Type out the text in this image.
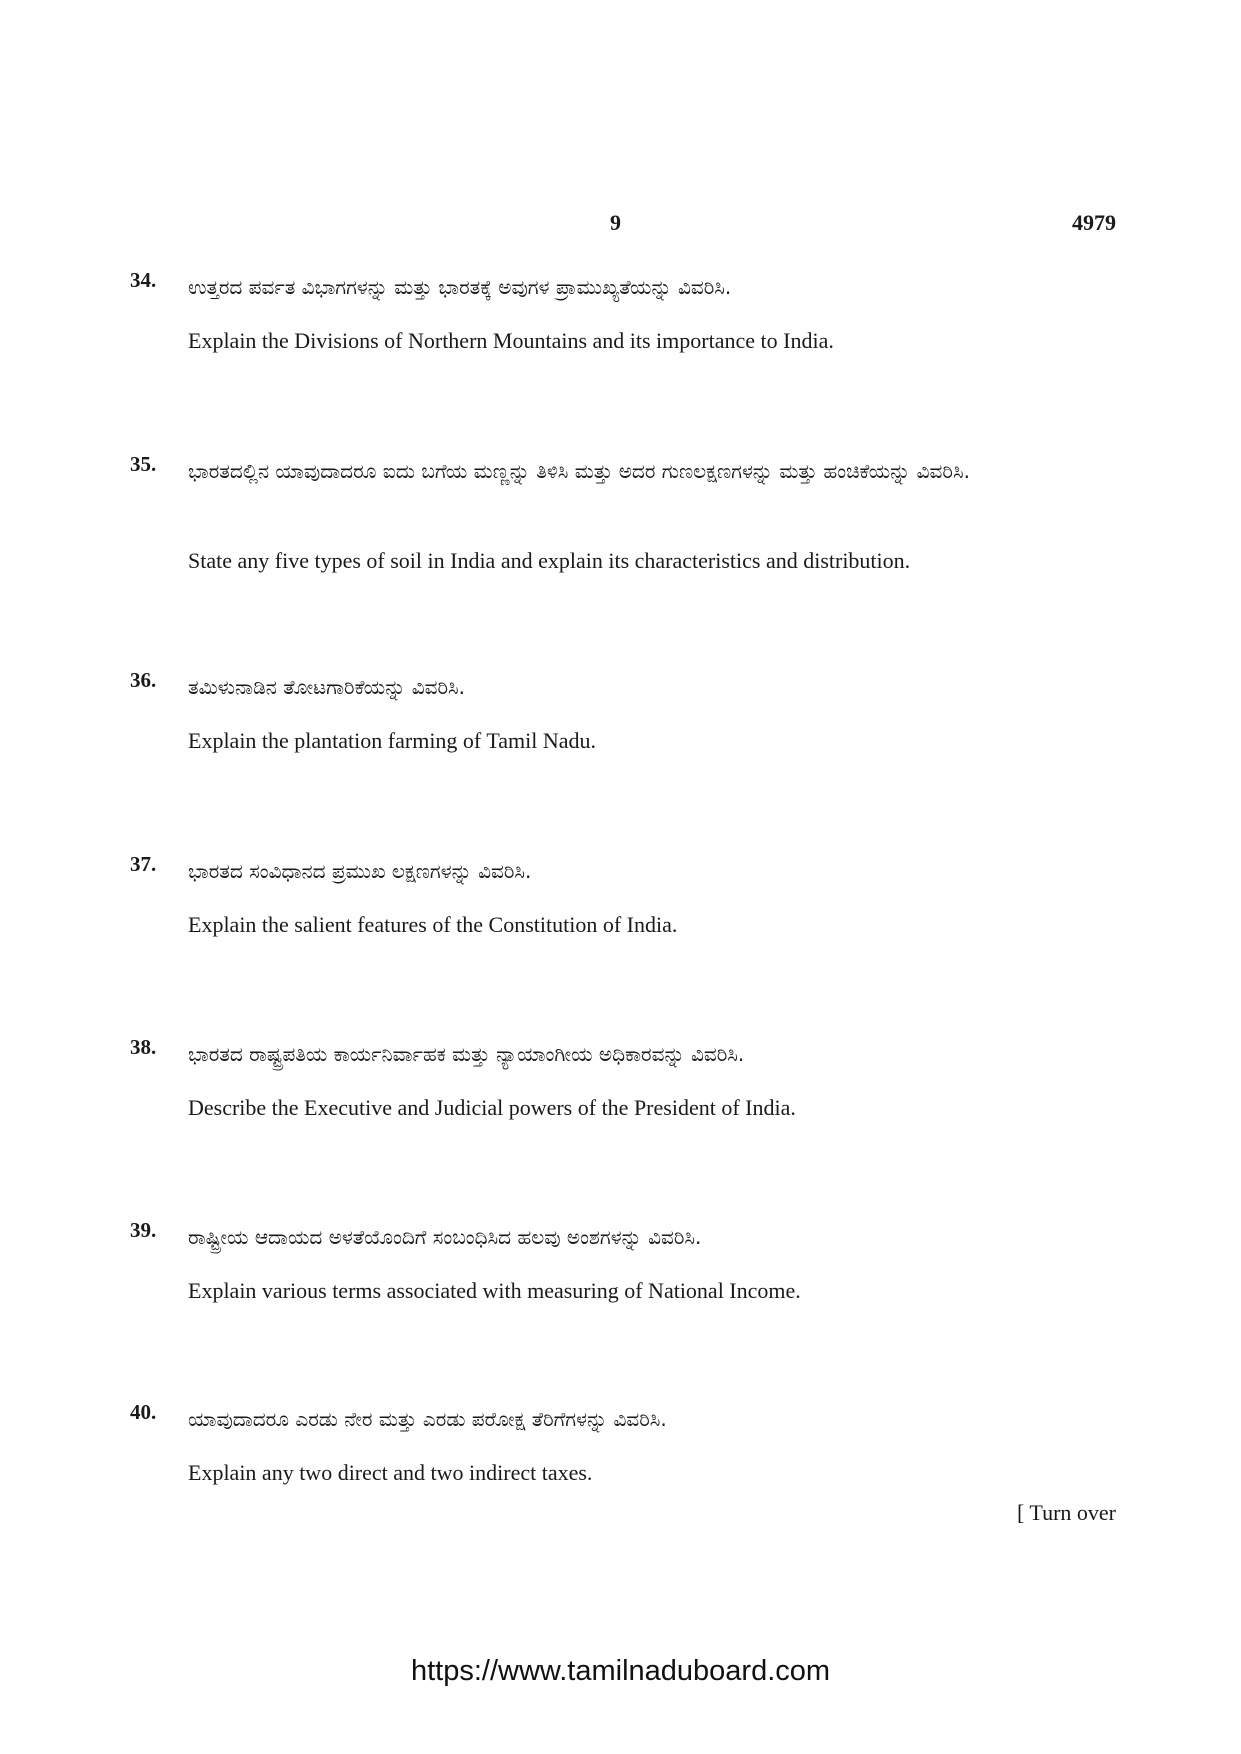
9	4979
34. ಉತ್ತರದ ಪರ್ವತ ವಿಭಾಗಗಳನ್ನು ಮತ್ತು ಭಾರತಕ್ಕೆ ಅವುಗಳ ಪ್ರಾಮುಖ್ಯತೆಯನ್ನು ವಿವರಿಸಿ.
Explain the Divisions of Northern Mountains and its importance to India.
35. ಭಾರತದಲ್ಲಿನ ಯಾವುದಾದರೂ ಐದು ಬಗೆಯ ಮಣ್ಣನ್ನು ತಿಳಿಸಿ ಮತ್ತು ಅದರ ಗುಣಲಕ್ಷಣಗಳನ್ನು ಮತ್ತು ಹಂಚಿಕೆಯನ್ನು ವಿವರಿಸಿ.
State any five types of soil in India and explain its characteristics and distribution.
36. ತಮಿಳುನಾಡಿನ ತೋಟಗಾರಿಕೆಯನ್ನು ವಿವರಿಸಿ.
Explain the plantation farming of Tamil Nadu.
37. ಭಾರತದ ಸಂವಿಧಾನದ ಪ್ರಮುಖ ಲಕ್ಷಣಗಳನ್ನು ವಿವರಿಸಿ.
Explain the salient features of the Constitution of India.
38. ಭಾರತದ ರಾಷ್ಟ್ರಪತಿಯ ಕಾರ್ಯನಿರ್ವಾಹಕ ಮತ್ತು ನ್ಯಾಯಾಂಗೀಯ ಅಧಿಕಾರವನ್ನು ವಿವರಿಸಿ.
Describe the Executive and Judicial powers of the President of India.
39. ರಾಷ್ಟ್ರೀಯ ಆದಾಯದ ಅಳತೆಯೊಂದಿಗೆ ಸಂಬಂಧಿಸಿದ ಹಲವು ಅಂಶಗಳನ್ನು ವಿವರಿಸಿ.
Explain various terms associated with measuring of National Income.
40. ಯಾವುದಾದರೂ ಎರಡು ನೇರ ಮತ್ತು ಎರಡು ಪರೋಕ್ಷ ತೆರಿಗೆಗಳನ್ನು ವಿವರಿಸಿ.
Explain any two direct and two indirect taxes.
[ Turn over
https://www.tamilnaduboard.com
